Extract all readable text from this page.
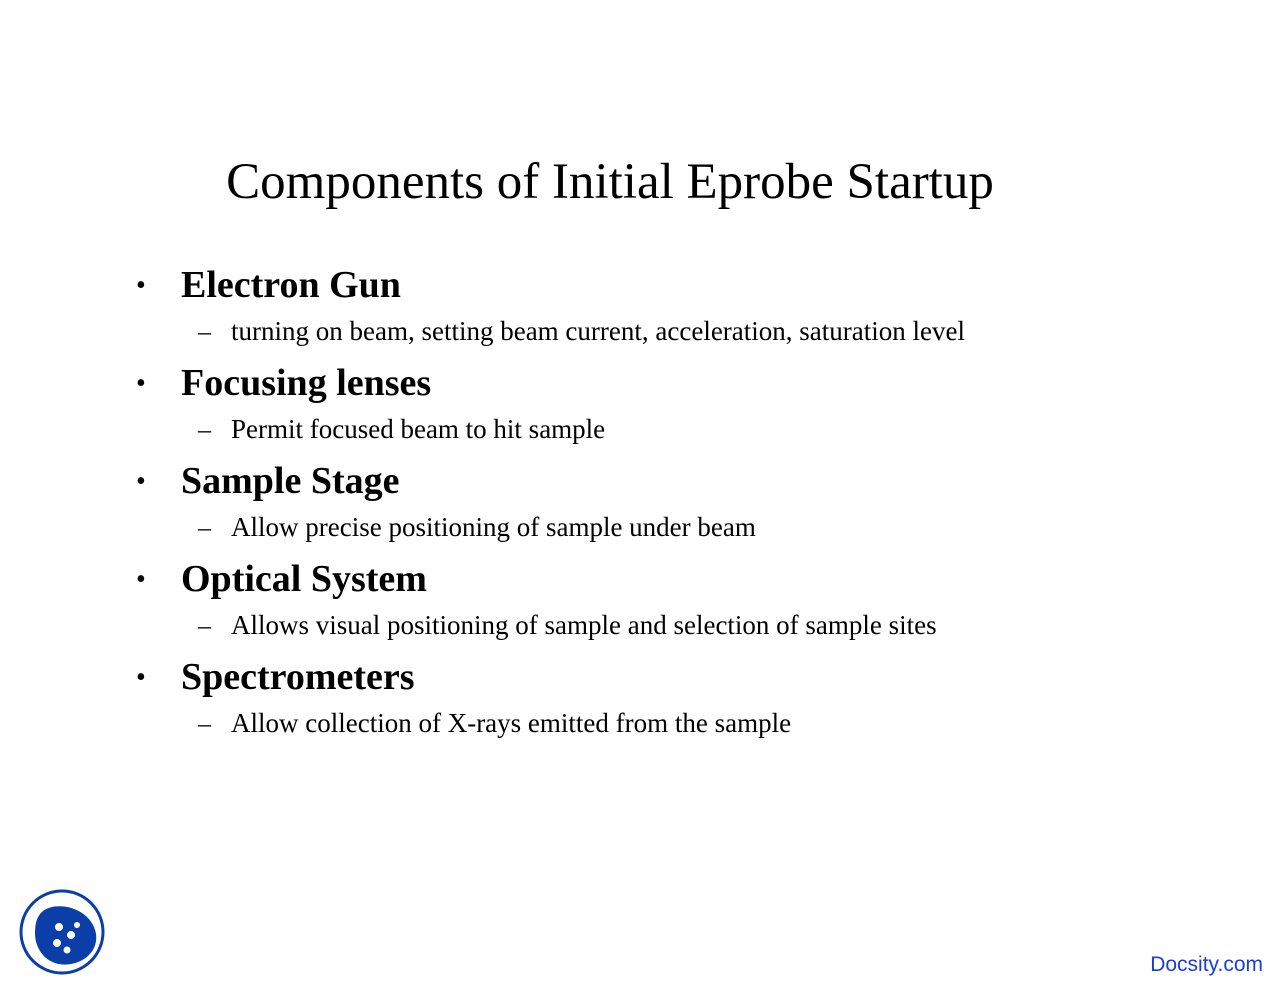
Components of Initial Eprobe Startup
• Electron Gun
– turning on beam, setting beam current, acceleration, saturation level
• Focusing lenses
– Permit focused beam to hit sample
• Sample Stage
– Allow precise positioning of sample under beam
• Optical System
– Allows visual positioning of sample and selection of sample sites
• Spectrometers
– Allow collection of X-rays emitted from the sample
Docsity.com
